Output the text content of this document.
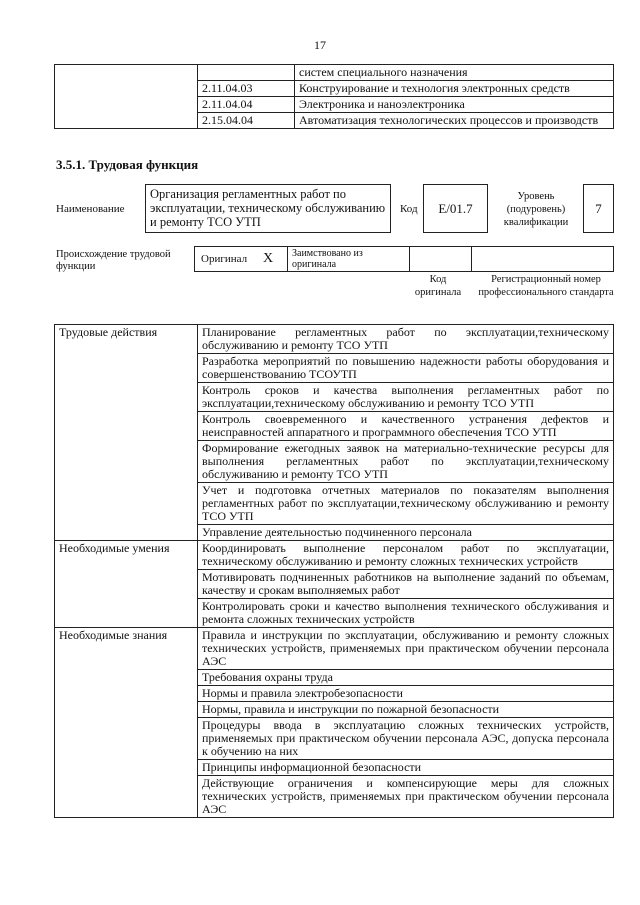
17
		систем специального назначения
	2.11.04.03	Конструирование и технология электронных средств
	2.11.04.04	Электроника и наноэлектроника
	2.15.04.04	Автоматизация технологических процессов и производств
3.5.1. Трудовая функция
Наименование
Организация регламентных работ по эксплуатации, техническому обслуживанию и ремонту ТСО УТП
Код E/01.7
Уровень (подуровень) квалификации
7
Происхождение трудовой функции
Оригинал X Заимствовано из оригинала
Код оригинала
Регистрационный номер профессионального стандарта
Трудовые действия	Планирование регламентных работ по эксплуатации,техническому обслуживанию и ремонту ТСО УТП
	Разработка мероприятий по повышению надежности работы оборудования и совершенствованию ТСОУТП
	Контроль сроков и качества выполнения регламентных работ по эксплуатации,техническому обслуживанию и ремонту ТСО УТП
	Контроль своевременного и качественного устранения дефектов и неисправностей аппаратного и программного обеспечения ТСО УТП
	Формирование ежегодных заявок на материально-технические ресурсы для выполнения регламентных работ по эксплуатации,техническому обслуживанию и ремонту ТСО УТП
	Учет и подготовка отчетных материалов по показателям выполнения регламентных работ по эксплуатации,техническому обслуживанию и ремонту ТСО УТП
	Управление деятельностью подчиненного персонала
Необходимые умения	Координировать выполнение персоналом работ по эксплуатации, техническому обслуживанию и ремонту сложных технических устройств
	Мотивировать подчиненных работников на выполнение заданий по объемам, качеству и срокам выполняемых работ
	Контролировать сроки и качество выполнения технического обслуживания и ремонта сложных технических устройств
Необходимые знания	Правила и инструкции по эксплуатации, обслуживанию и ремонту сложных технических устройств, применяемых при практическом обучении персонала АЭС
	Требования охраны труда
	Нормы и правила электробезопасности
	Нормы, правила и инструкции по пожарной безопасности
	Процедуры ввода в эксплуатацию сложных технических устройств, применяемых при практическом обучении персонала АЭС, допуска персонала к обучению на них
	Принципы информационной безопасности
	Действующие ограничения и компенсирующие меры для сложных технических устройств, применяемых при практическом обучении персонала АЭС
